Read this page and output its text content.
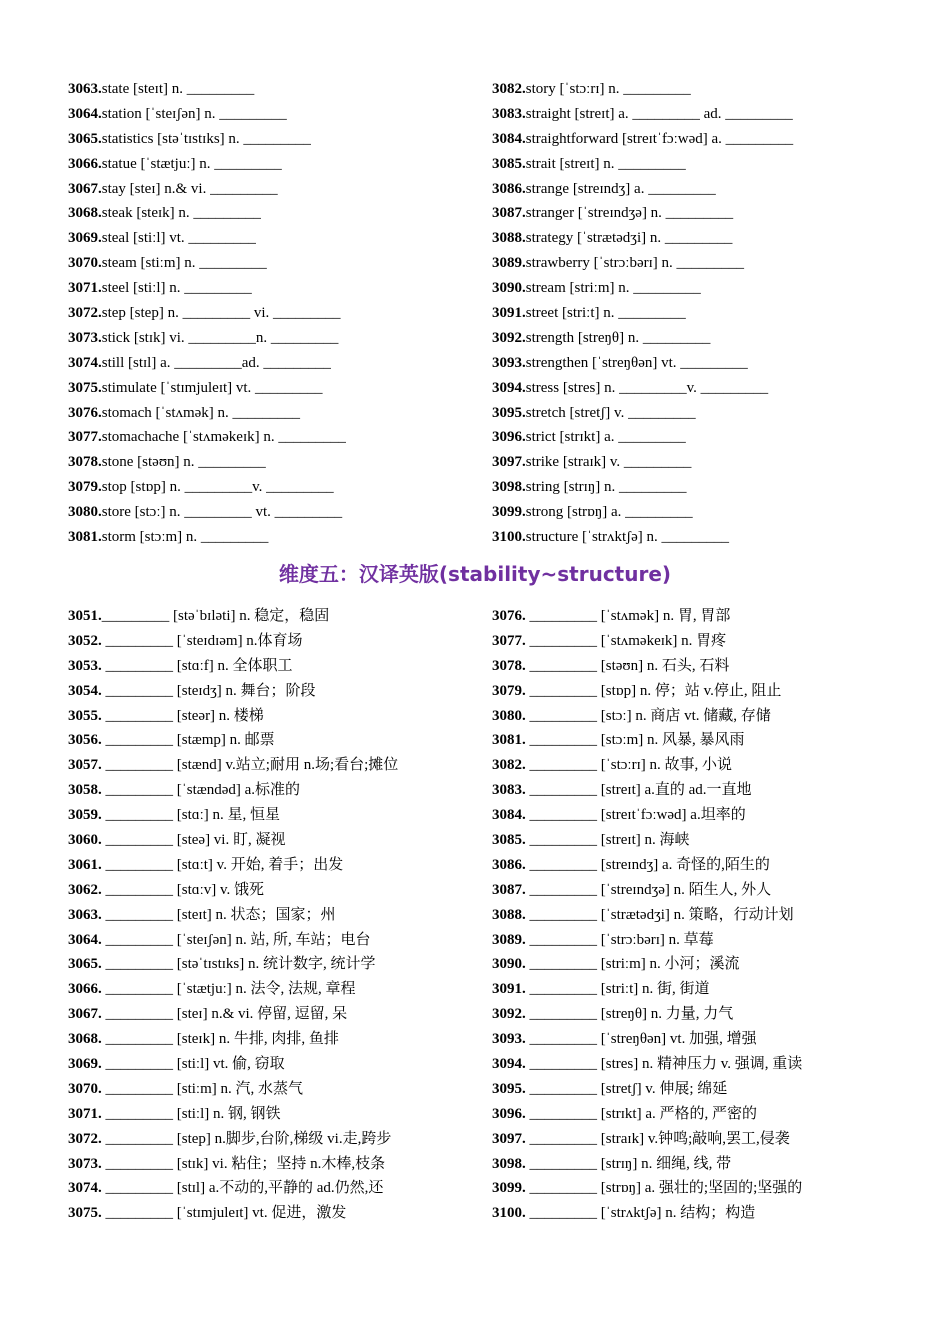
3063.state [steɪt] n. _________
3064.station [ˈsteɪʃən] n. _________
3065.statistics [stəˈtɪstɪks] n. _________
3066.statue [ˈstætjuː] n. _________
3067.stay [steɪ] n.& vi. _________
3068.steak [steɪk] n. _________
3069.steal [stiːl] vt. _________
3070.steam [stiːm] n. _________
3071.steel [stiːl] n. _________
3072.step [step] n. _________ vi. _________
3073.stick [stɪk] vi. _________n. _________
3074.still [stɪl] a. _________ad. _________
3075.stimulate [ˈstɪmjuleɪt] vt. _________
3076.stomach [ˈstʌmək] n. _________
3077.stomachache [ˈstʌməkeɪk] n. _________
3078.stone [stəʊn] n. _________
3079.stop [stɒp] n. _________v. _________
3080.store [stɔː] n. _________ vt. _________
3081.storm [stɔːm] n. _________
3082.story [ˈstɔːrɪ] n. _________
3083.straight [streɪt] a. _________ ad. _________
3084.straightforward [streɪtˈfɔːwəd] a. _________
3085.strait [streɪt] n. _________
3086.strange [streɪndʒ] a. _________
3087.stranger [ˈstreɪndʒə] n. _________
3088.strategy [ˈstrætədʒi] n. _________
3089.strawberry [ˈstrɔːbərɪ] n. _________
3090.stream [striːm] n. _________
3091.street [striːt] n. _________
3092.strength [streŋθ] n. _________
3093.strengthen [ˈstreŋθən] vt. _________
3094.stress [stres] n. _________v. _________
3095.stretch [stretʃ] v. _________
3096.strict [strɪkt] a. _________
3097.strike [straɪk] v. _________
3098.string [strɪŋ] n. _________
3099.strong [strɒŋ] a. _________
3100.structure [ˈstrʌktʃə] n. _________
维度五：汉译英版(stability~structure)
3051._________ [stəˈbɪləti] n. 稳定，稳固
3052. _________ [ˈsteɪdɪəm] n.体育场
3053. _________ [stɑːf] n. 全体职工
3054. _________ [steɪdʒ] n. 舞台；阶段
3055. _________ [steər] n. 楼梯
3056. _________ [stæmp] n. 邮票
3057. _________ [stænd] v.站立;耐用 n.场;看台;摊位
3058. _________ [ˈstændəd] a.标准的
3059. _________ [stɑː] n. 星, 恒星
3060. _________ [steə] vi. 盯, 凝视
3061. _________ [stɑːt] v. 开始, 着手；出发
3062. _________ [stɑːv] v. 饿死
3063. _________ [steɪt] n. 状态；国家；州
3064. _________ [ˈsteɪʃən] n. 站, 所, 车站；电台
3065. _________ [stəˈtɪstɪks] n. 统计数字, 统计学
3066. _________ [ˈstætjuː] n. 法令, 法规, 章程
3067. _________ [steɪ] n.& vi. 停留, 逗留, 呆
3068. _________ [steɪk] n. 牛排, 肉排, 鱼排
3069. _________ [stiːl] vt. 偷, 窃取
3070. _________ [stiːm] n. 汽, 水蒸气
3071. _________ [stiːl] n. 钢, 钢铁
3072. _________ [step] n.脚步,台阶,梯级 vi.走,跨步
3073. _________ [stɪk] vi. 粘住；坚持 n.木棒,枝条
3074. _________ [stɪl] a.不动的,平静的 ad.仍然,还
3075. _________ [ˈstɪmjuleɪt] vt. 促进，激发
3076. _________ [ˈstʌmək] n. 胃, 胃部
3077. _________ [ˈstʌməkeɪk] n. 胃疼
3078. _________ [stəʊn] n. 石头, 石料
3079. _________ [stɒp] n. 停；站 v.停止, 阻止
3080. _________ [stɔː] n. 商店 vt. 储藏, 存储
3081. _________ [stɔːm] n. 风暴, 暴风雨
3082. _________ [ˈstɔːrɪ] n. 故事, 小说
3083. _________ [streɪt] a.直的 ad.一直地
3084. _________ [streɪtˈfɔːwəd] a.坦率的
3085. _________ [streɪt] n. 海峡
3086. _________ [streɪndʒ] a. 奇怪的,陌生的
3087. _________ [ˈstreɪndʒə] n. 陌生人, 外人
3088. _________ [ˈstrætədʒi] n. 策略，行动计划
3089. _________ [ˈstrɔːbərɪ] n. 草莓
3090. _________ [striːm] n. 小河；溪流
3091. _________ [striːt] n. 街, 街道
3092. _________ [streŋθ] n. 力量, 力气
3093. _________ [ˈstreŋθən] vt. 加强, 增强
3094. _________ [stres] n. 精神压力 v. 强调, 重读
3095. _________ [stretʃ] v. 伸展; 绵延
3096. _________ [strɪkt] a. 严格的, 严密的
3097. _________ [straɪk] v.钟鸣;敲响,罢工,侵袭
3098. _________ [strɪŋ] n. 细绳, 线, 带
3099. _________ [strɒŋ] a. 强壮的;坚固的;坚强的
3100. _________ [ˈstrʌktʃə] n. 结构；构造
